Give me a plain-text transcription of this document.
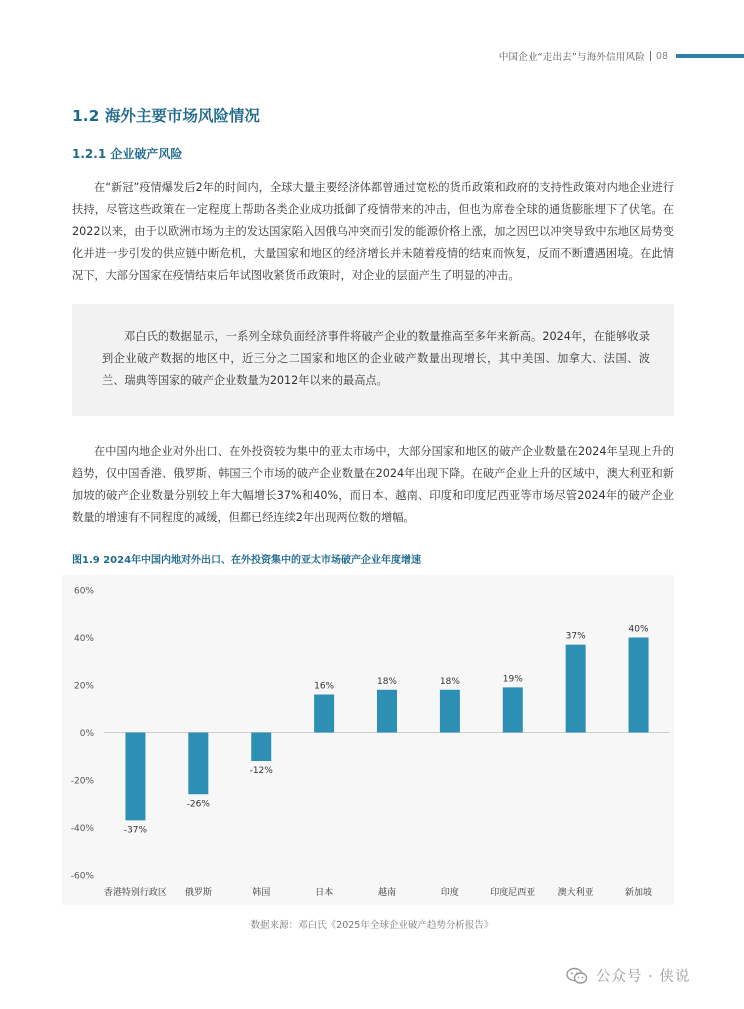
中国企业“走出去”与海外信用风险 08
1.2 海外主要市场风险情况
1.2.1 企业破产风险
在“新冠”疫情爆发后2年的时间内，全球大量主要经济体都曾通过宽松的货币政策和政府的支持性政策对内地企业进行扶持，尽管这些政策在一定程度上帮助各类企业成功抵御了疫情带来的冲击，但也为席卷全球的通货膨胀埋下了伏笔。在2022以来，由于以欧洲市场为主的发达国家陷入因俄乌冲突而引发的能源价格上涨，加之因巴以冲突导致中东地区局势变化并进一步引发的供应链中断危机，大量国家和地区的经济增长并未随着疫情的结束而恢复，反而不断遭遇困境。在此情况下，大部分国家在疫情结束后年试图收紧货币政策时，对企业的层面产生了明显的冲击。
邓白氏的数据显示，一系列全球负面经济事件将破产企业的数量推高至多年来新高。2024年，在能够收录到企业破产数据的地区中，近三分之二国家和地区的企业破产数量出现增长，其中美国、加拿大、法国、波兰、瑞典等国家的破产企业数量为2012年以来的最高点。
在中国内地企业对外出口、在外投资较为集中的亚太市场中，大部分国家和地区的破产企业数量在2024年呈现上升的趋势，仅中国香港、俄罗斯、韩国三个市场的破产企业数量在2024年出现下降。在破产企业上升的区域中，澳大利亚和新加坡的破产企业数量分别较上年大幅增长37%和40%，而日本、越南、印度和印度尼西亚等市场尽管2024年的破产企业数量的增速有不同程度的减缓，但都已经连续2年出现两位数的增幅。
图1.9 2024年中国内地对外出口、在外投资集中的亚太市场破产企业年度增速
60%
40%
20%
0%
-20%
-40%
-60%
-37%
香港特别行政区
-26%
俄罗斯
-12%
韩国
16%
日本
18%
越南
18%
印度
19%
印度尼西亚
37%
澳大利亚
40%
新加坡
数据来源：邓白氏《2025年全球企业破产趋势分析报告》
公众号 · 侠说
